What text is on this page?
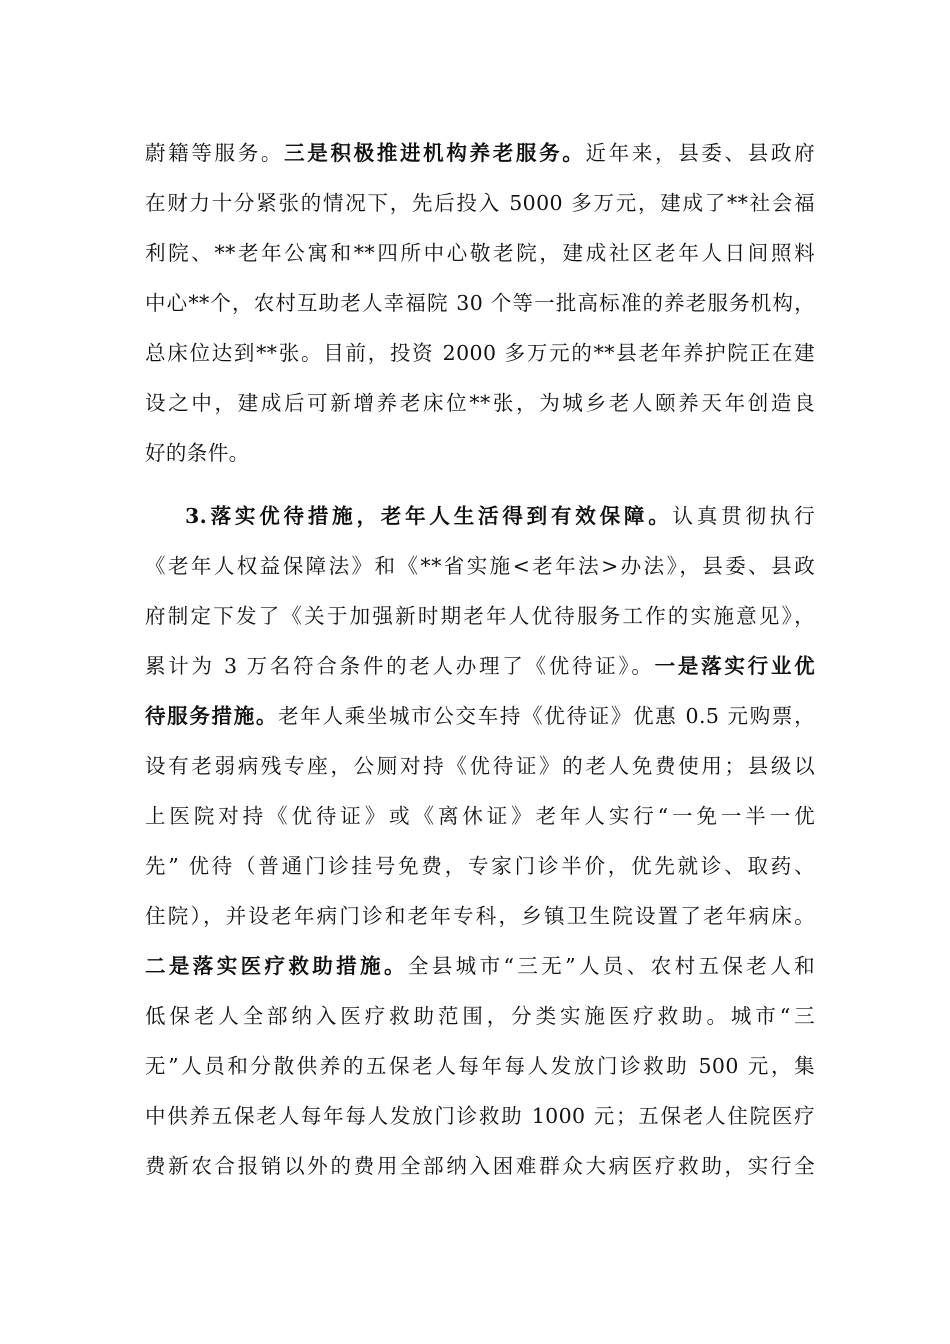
蔚籍等服务。三是积极推进机构养老服务。近年来，县委、县政府
在财力十分紧张的情况下，先后投入 5000 多万元，建成了**社会福
利院、**老年公寓和**四所中心敬老院，建成社区老年人日间照料
中心**个，农村互助老人幸福院 30 个等一批高标准的养老服务机构，
总床位达到**张。目前，投资 2000 多万元的**县老年养护院正在建
设之中，建成后可新增养老床位**张，为城乡老人颐养天年创造良
好的条件。
3.落实优待措施，老年人生活得到有效保障。认真贯彻执行
《老年人权益保障法》和《**省实施<老年法>办法》，县委、县政
府制定下发了《关于加强新时期老年人优待服务工作的实施意见》，
累计为 3 万名符合条件的老人办理了《优待证》。一是落实行业优
待服务措施。老年人乘坐城市公交车持《优待证》优惠 0.5 元购票，
设有老弱病残专座，公厕对持《优待证》的老人免费使用；县级以
上医院对持《优待证》或《离休证》老年人实行“一免一半一优
先” 优待（普通门诊挂号免费，专家门诊半价，优先就诊、取药、
住院），并设老年病门诊和老年专科，乡镇卫生院设置了老年病床。
二是落实医疗救助措施。全县城市“三无”人员、农村五保老人和
低保老人全部纳入医疗救助范围，分类实施医疗救助。城市“三
无”人员和分散供养的五保老人每年每人发放门诊救助 500 元，集
中供养五保老人每年每人发放门诊救助 1000 元；五保老人住院医疗
费新农合报销以外的费用全部纳入困难群众大病医疗救助，实行全
